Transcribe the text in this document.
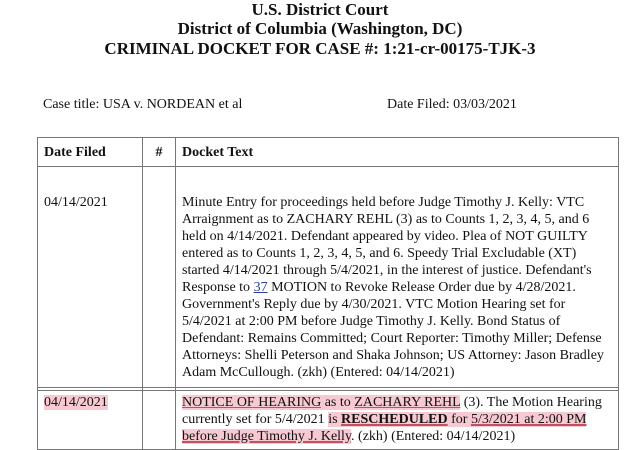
U.S. District Court
District of Columbia (Washington, DC)
CRIMINAL DOCKET FOR CASE #: 1:21-cr-00175-TJK-3
Case title: USA v. NORDEAN et al	Date Filed: 03/03/2021
Date Filed	#	Docket Text
04/14/2021		Minute Entry for proceedings held before Judge Timothy J. Kelly: VTC Arraignment as to ZACHARY REHL (3) as to Counts 1, 2, 3, 4, 5, and 6 held on 4/14/2021. Defendant appeared by video. Plea of NOT GUILTY entered as to Counts 1, 2, 3, 4, 5, and 6. Speedy Trial Excludable (XT) started 4/14/2021 through 5/4/2021, in the interest of justice. Defendant's Response to 37 MOTION to Revoke Release Order due by 4/28/2021. Government's Reply due by 4/30/2021. VTC Motion Hearing set for 5/4/2021 at 2:00 PM before Judge Timothy J. Kelly. Bond Status of Defendant: Remains Committed; Court Reporter: Timothy Miller; Defense Attorneys: Shelli Peterson and Shaka Johnson; US Attorney: Jason Bradley Adam McCullough. (zkh) (Entered: 04/14/2021)

04/14/2021		NOTICE OF HEARING as to ZACHARY REHL (3). The Motion Hearing currently set for 5/4/2021 is RESCHEDULED for 5/3/2021 at 2:00 PM before Judge Timothy J. Kelly. (zkh) (Entered: 04/14/2021)
